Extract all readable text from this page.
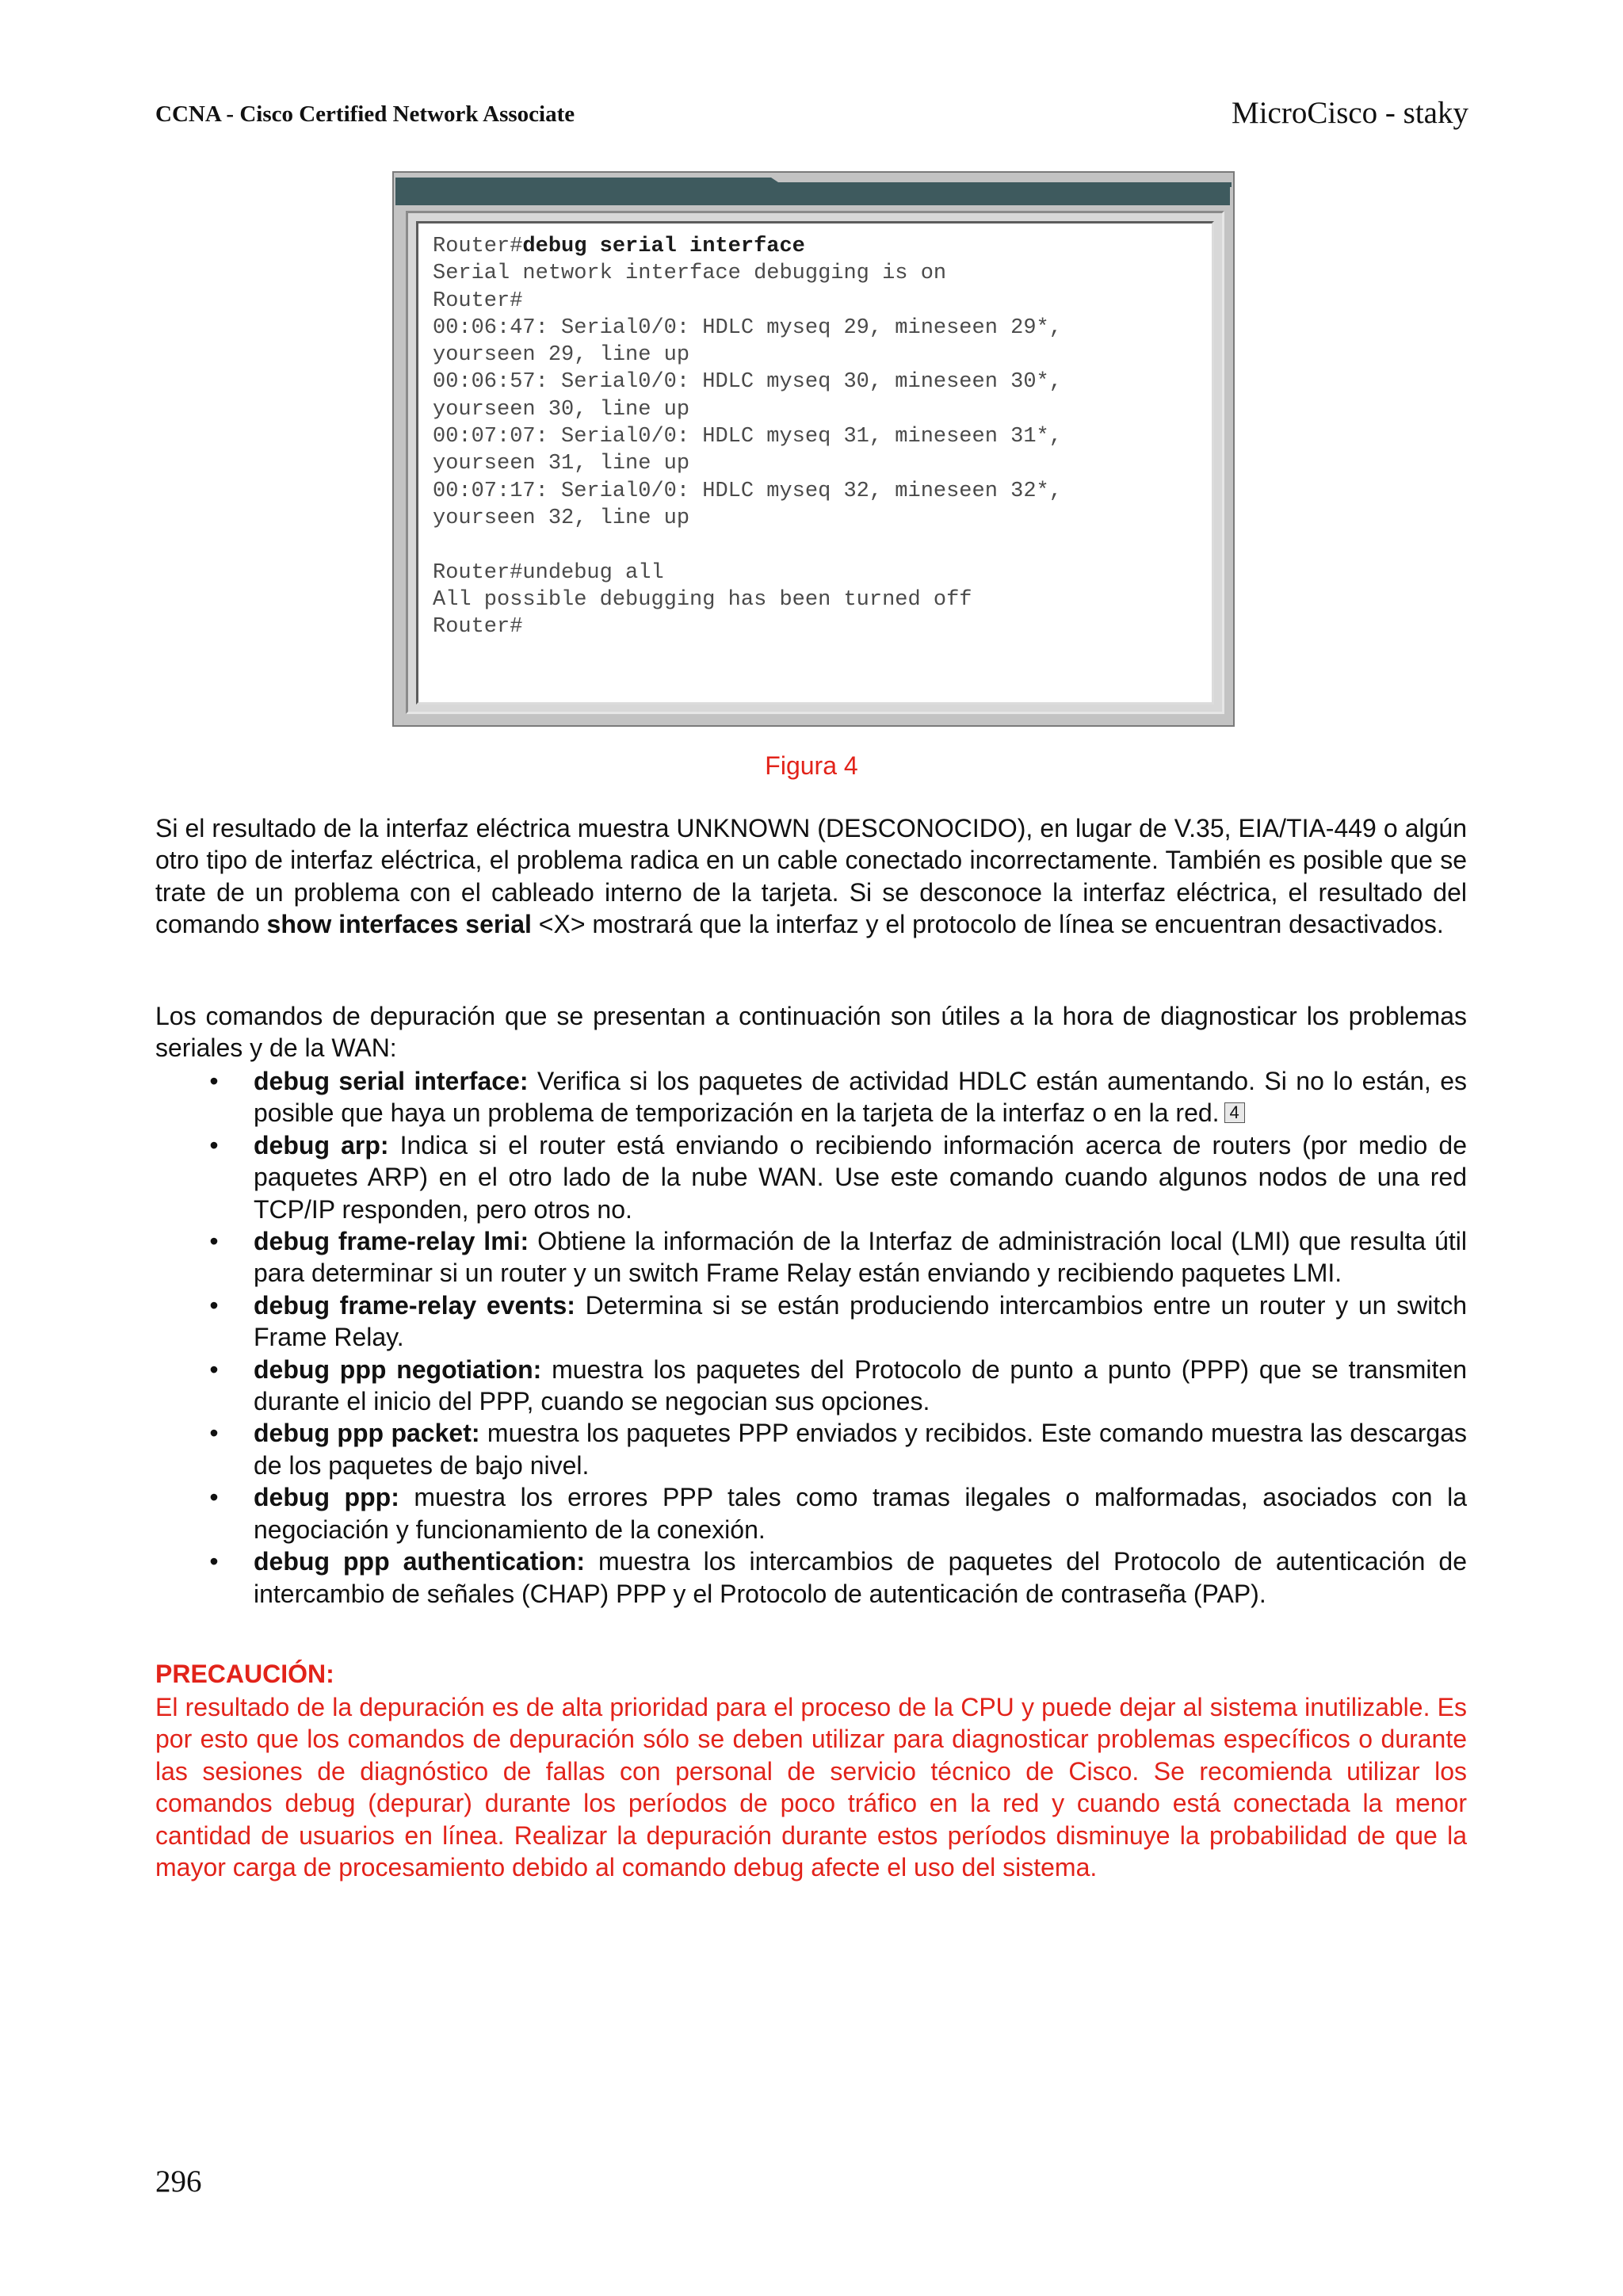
CCNA - Cisco Certified Network Associate	MicroCisco - staky
Router#debug serial interface
Serial network interface debugging is on
Router#
00:06:47: Serial0/0: HDLC myseq 29, mineseen 29*,
yourseen 29, line up
00:06:57: Serial0/0: HDLC myseq 30, mineseen 30*,
yourseen 30, line up
00:07:07: Serial0/0: HDLC myseq 31, mineseen 31*,
yourseen 31, line up
00:07:17: Serial0/0: HDLC myseq 32, mineseen 32*,
yourseen 32, line up
Router#undebug all
All possible debugging has been turned off
Router#
Figura 4

Si el resultado de la interfaz eléctrica muestra UNKNOWN (DESCONOCIDO), en lugar de V.35, EIA/TIA-449 o algún otro tipo de interfaz eléctrica, el problema radica en un cable conectado incorrectamente. También es posible que se trate de un problema con el cableado interno de la tarjeta. Si se desconoce la interfaz eléctrica, el resultado del comando show interfaces serial <X> mostrará que la interfaz y el protocolo de línea se encuentran desactivados.

Los comandos de depuración que se presentan a continuación son útiles a la hora de diagnosticar los problemas seriales y de la WAN:

• debug serial interface: Verifica si los paquetes de actividad HDLC están aumentando. Si no lo están, es posible que haya un problema de temporización en la tarjeta de la interfaz o en la red. 4
• debug arp: Indica si el router está enviando o recibiendo información acerca de routers (por medio de paquetes ARP) en el otro lado de la nube WAN. Use este comando cuando algunos nodos de una red TCP/IP responden, pero otros no.
• debug frame-relay lmi: Obtiene la información de la Interfaz de administración local (LMI) que resulta útil para determinar si un router y un switch Frame Relay están enviando y recibiendo paquetes LMI.
• debug frame-relay events: Determina si se están produciendo intercambios entre un router y un switch Frame Relay.
• debug ppp negotiation: muestra los paquetes del Protocolo de punto a punto (PPP) que se transmiten durante el inicio del PPP, cuando se negocian sus opciones.
• debug ppp packet: muestra los paquetes PPP enviados y recibidos. Este comando muestra las descargas de los paquetes de bajo nivel.
• debug ppp: muestra los errores PPP tales como tramas ilegales o malformadas, asociados con la negociación y funcionamiento de la conexión.
• debug ppp authentication: muestra los intercambios de paquetes del Protocolo de autenticación de intercambio de señales (CHAP) PPP y el Protocolo de autenticación de contraseña (PAP).
PRECAUCIÓN:

El resultado de la depuración es de alta prioridad para el proceso de la CPU y puede dejar al sistema inutilizable. Es por esto que los comandos de depuración sólo se deben utilizar para diagnosticar problemas específicos o durante las sesiones de diagnóstico de fallas con personal de servicio técnico de Cisco. Se recomienda utilizar los comandos debug (depurar) durante los períodos de poco tráfico en la red y cuando está conectada la menor cantidad de usuarios en línea. Realizar la depuración durante estos períodos disminuye la probabilidad de que la mayor carga de procesamiento debido al comando debug afecte el uso del sistema.

296
